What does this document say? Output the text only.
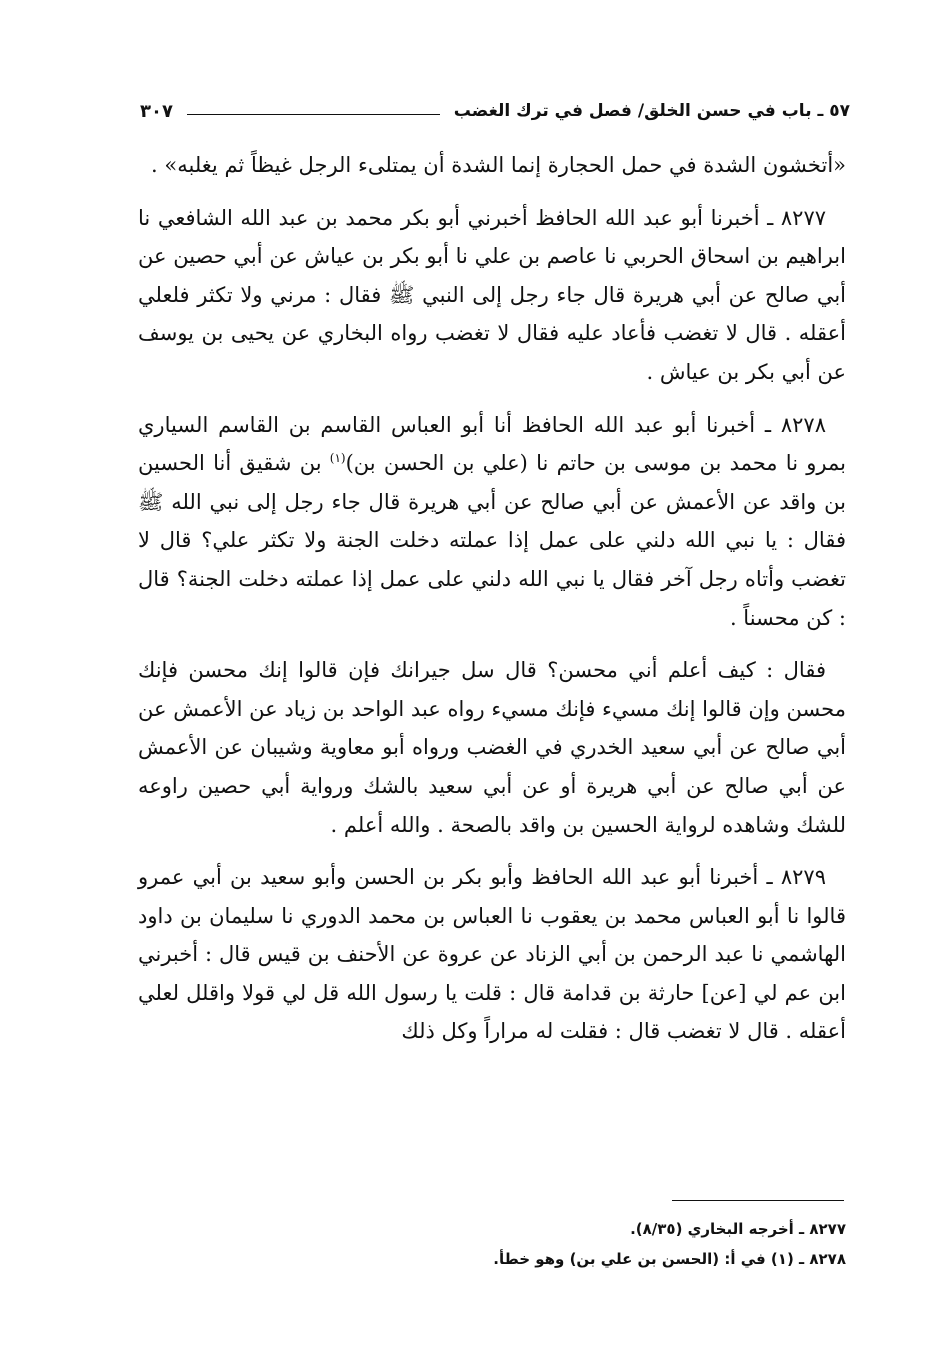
٥٧ ـ باب في حسن الخلق/ فصل في ترك الغضب
٣٠٧

«أتخشون الشدة في حمل الحجارة إنما الشدة أن يمتلىء الرجل غيظاً ثم يغلبه» .

٨٢٧٧ ـ أخبرنا أبو عبد الله الحافظ أخبرني أبو بكر محمد بن عبد الله الشافعي نا ابراهيم بن اسحاق الحربي نا عاصم بن علي نا أبو بكر بن عياش عن أبي حصين عن أبي صالح عن أبي هريرة قال جاء رجل إلى النبي ﷺ فقال : مرني ولا تكثر فلعلي أعقله . قال لا تغضب فأعاد عليه فقال لا تغضب رواه البخاري عن يحيى بن يوسف عن أبي بكر بن عياش .

٨٢٧٨ ـ أخبرنا أبو عبد الله الحافظ أنا أبو العباس القاسم بن القاسم السياري بمرو نا محمد بن موسى بن حاتم نا (علي بن الحسن بن)$^{(١)}$ بن شقيق أنا الحسين بن واقد عن الأعمش عن أبي صالح عن أبي هريرة قال جاء رجل إلى نبي الله ﷺ فقال : يا نبي الله دلني على عمل إذا عملته دخلت الجنة ولا تكثر علي؟ قال لا تغضب وأتاه رجل آخر فقال يا نبي الله دلني على عمل إذا عملته دخلت الجنة؟ قال : كن محسناً .

فقال : كيف أعلم أني محسن؟ قال سل جيرانك فإن قالوا إنك محسن فإنك محسن وإن قالوا إنك مسيء فإنك مسيء رواه عبد الواحد بن زياد عن الأعمش عن أبي صالح عن أبي سعيد الخدري في الغضب ورواه أبو معاوية وشيبان عن الأعمش عن أبي صالح عن أبي هريرة أو عن أبي سعيد بالشك ورواية أبي حصين راوعه للشك وشاهده لرواية الحسين بن واقد بالصحة . والله أعلم .

٨٢٧٩ ـ أخبرنا أبو عبد الله الحافظ وأبو بكر بن الحسن وأبو سعيد بن أبي عمرو قالوا نا أبو العباس محمد بن يعقوب نا العباس بن محمد الدوري نا سليمان بن داود الهاشمي نا عبد الرحمن بن أبي الزناد عن عروة عن الأحنف بن قيس قال : أخبرني ابن عم لي [عن] حارثة بن قدامة قال : قلت يا رسول الله قل لي قولا واقلل لعلي أعقله . قال لا تغضب قال : فقلت له مراراً وكل ذلك

٨٢٧٧ ـ أخرجه البخاري (٨/٣٥).
٨٢٧٨ ـ (١) في أ: (الحسن بن علي بن) وهو خطأ.
